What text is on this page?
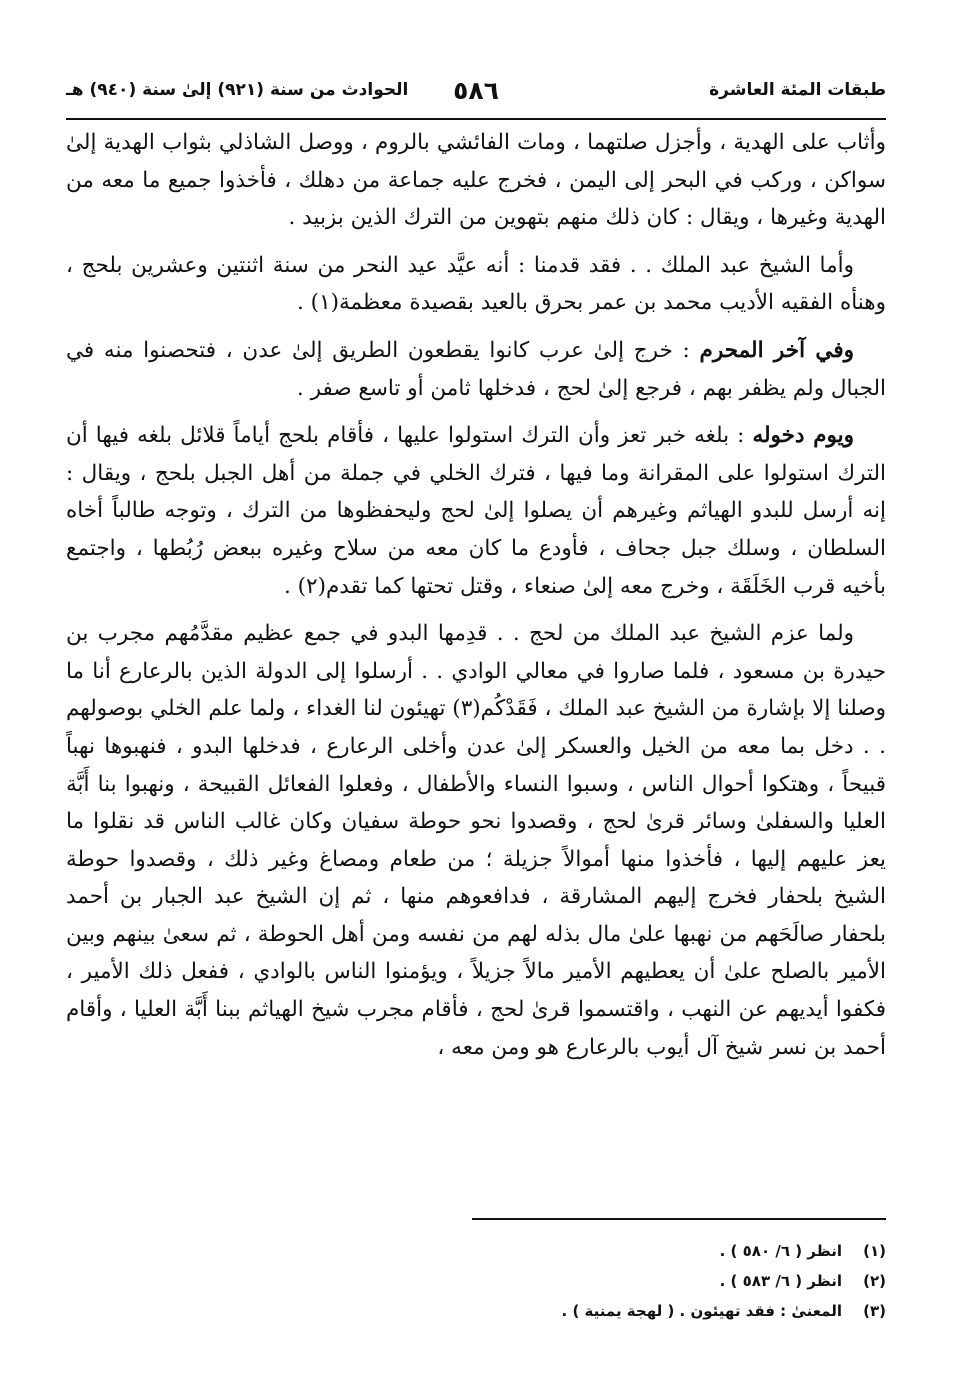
طبقات المئة العاشرة
٥٨٦
الحوادث من سنة (٩٢١) إلىٰ سنة (٩٤٠) هـ

وأثاب على الهدية ، وأجزل صلتهما ، ومات الفائشي بالروم ، ووصل الشاذلي بثواب الهدية إلىٰ سواكن ، وركب في البحر إلى اليمن ، فخرج عليه جماعة من دهلك ، فأخذوا جميع ما معه من الهدية وغيرها ، ويقال : كان ذلك منهم بتهوين من الترك الذين بزبيد .

وأما الشيخ عبد الملك . . فقد قدمنا : أنه عيَّد عيد النحر من سنة اثنتين وعشرين بلحج ، وهنأه الفقيه الأديب محمد بن عمر بحرق بالعيد بقصيدة معظمة(١) .

وفي آخر المحرم : خرج إلىٰ عرب كانوا يقطعون الطريق إلىٰ عدن ، فتحصنوا منه في الجبال ولم يظفر بهم ، فرجع إلىٰ لحج ، فدخلها ثامن أو تاسع صفر .

ويوم دخوله : بلغه خبر تعز وأن الترك استولوا عليها ، فأقام بلحج أياماً قلائل بلغه فيها أن الترك استولوا على المقرانة وما فيها ، فترك الخلي في جملة من أهل الجبل بلحج ، ويقال : إنه أرسل للبدو الهياثم وغيرهم أن يصلوا إلىٰ لحج وليحفظوها من الترك ، وتوجه طالباً أخاه السلطان ، وسلك جبل جحاف ، فأودع ما كان معه من سلاح وغيره ببعض رُبُطها ، واجتمع بأخيه قرب الخَلَقَة ، وخرج معه إلىٰ صنعاء ، وقتل تحتها كما تقدم(٢) .

ولما عزم الشيخ عبد الملك من لحج . . قدِمها البدو في جمع عظيم مقدَّمُهم مجرب بن حيدرة بن مسعود ، فلما صاروا في معالي الوادي . . أرسلوا إلى الدولة الذين بالرعارع أنا ما وصلنا إلا بإشارة من الشيخ عبد الملك ، فَقَدْكُم(٣) تهيئون لنا الغداء ، ولما علم الخلي بوصولهم . . دخل بما معه من الخيل والعسكر إلىٰ عدن وأخلى الرعارع ، فدخلها البدو ، فنهبوها نهباً قبيحاً ، وهتكوا أحوال الناس ، وسبوا النساء والأطفال ، وفعلوا الفعائل القبيحة ، ونهبوا بنا أَبَّة العليا والسفلىٰ وسائر قرىٰ لحج ، وقصدوا نحو حوطة سفيان وكان غالب الناس قد نقلوا ما يعز عليهم إليها ، فأخذوا منها أموالاً جزيلة ؛ من طعام ومصاغ وغير ذلك ، وقصدوا حوطة الشيخ بلحفار فخرج إليهم المشارقة ، فدافعوهم منها ، ثم إن الشيخ عبد الجبار بن أحمد بلحفار صالَحَهم من نهبها علىٰ مال بذله لهم من نفسه ومن أهل الحوطة ، ثم سعىٰ بينهم وبين الأمير بالصلح علىٰ أن يعطيهم الأمير مالاً جزيلاً ، ويؤمنوا الناس بالوادي ، ففعل ذلك الأمير ، فكفوا أيديهم عن النهب ، واقتسموا قرىٰ لحج ، فأقام مجرب شيخ الهياثم ببنا أَبَّة العليا ، وأقام أحمد بن نسر شيخ آل أيوب بالرعارع هو ومن معه ،

(١)انظر ( ٦/ ٥٨٠ ) .
(٢)انظر ( ٦/ ٥٨٣ ) .
(٣)المعنىٰ : فقد تهيئون . ( لهجة يمنية ) .
